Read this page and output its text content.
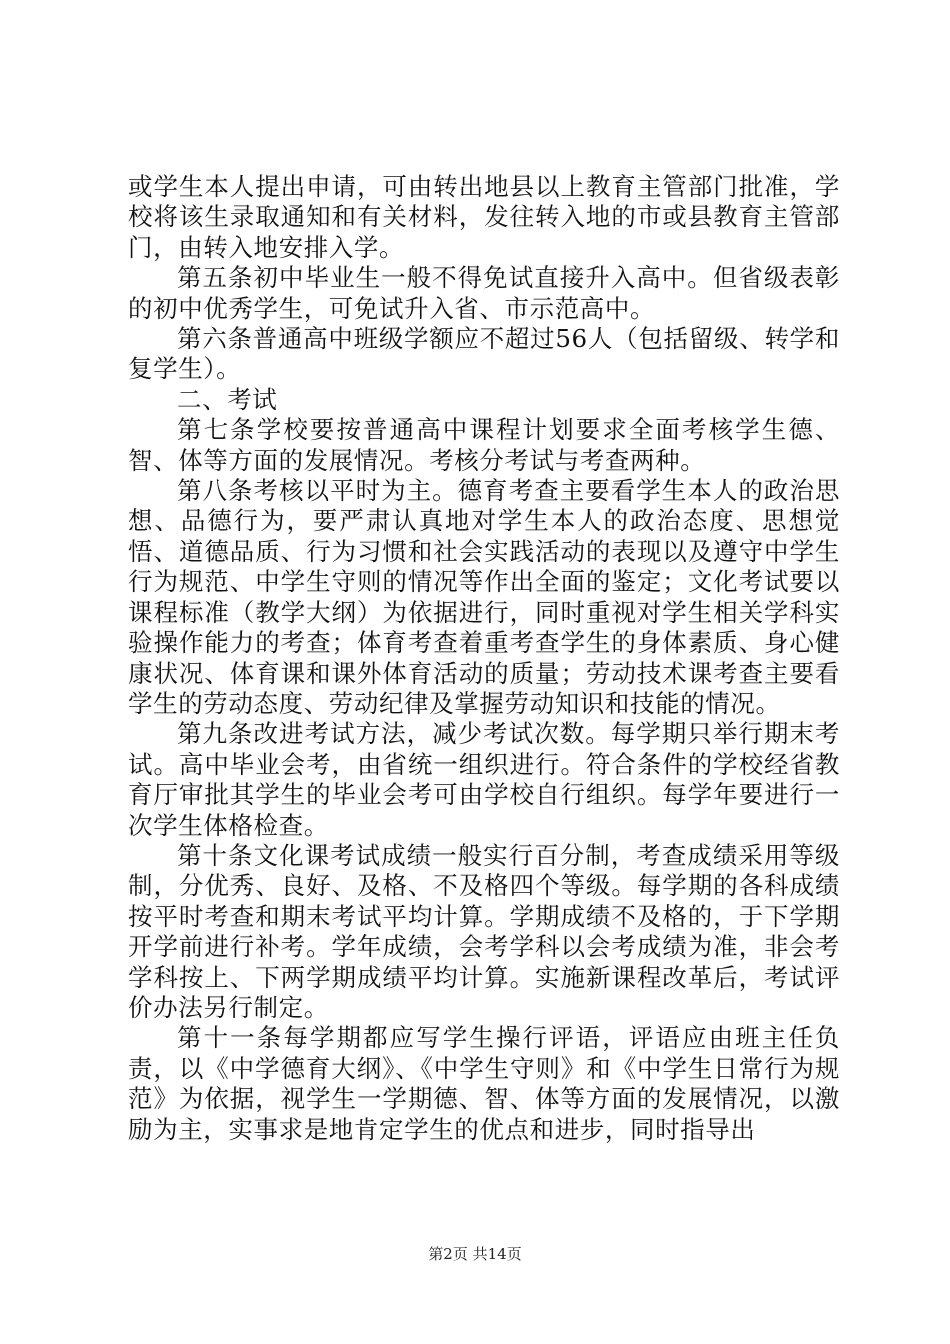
或学生本人提出申请，可由转出地县以上教育主管部门批准，学校将该生录取通知和有关材料，发往转入地的市或县教育主管部门，由转入地安排入学。

第五条初中毕业生一般不得免试直接升入高中。但省级表彰的初中优秀学生，可免试升入省、市示范高中。

第六条普通高中班级学额应不超过56人（包括留级、转学和复学生）。

二、考试

第七条学校要按普通高中课程计划要求全面考核学生德、智、体等方面的发展情况。考核分考试与考查两种。

第八条考核以平时为主。德育考查主要看学生本人的政治思想、品德行为，要严肃认真地对学生本人的政治态度、思想觉悟、道德品质、行为习惯和社会实践活动的表现以及遵守中学生行为规范、中学生守则的情况等作出全面的鉴定；文化考试要以课程标准（教学大纲）为依据进行，同时重视对学生相关学科实验操作能力的考查；体育考查着重考查学生的身体素质、身心健康状况、体育课和课外体育活动的质量；劳动技术课考查主要看学生的劳动态度、劳动纪律及掌握劳动知识和技能的情况。

第九条改进考试方法，减少考试次数。每学期只举行期末考试。高中毕业会考，由省统一组织进行。符合条件的学校经省教育厅审批其学生的毕业会考可由学校自行组织。每学年要进行一次学生体格检查。

第十条文化课考试成绩一般实行百分制，考查成绩采用等级制，分优秀、良好、及格、不及格四个等级。每学期的各科成绩按平时考查和期末考试平均计算。学期成绩不及格的，于下学期开学前进行补考。学年成绩，会考学科以会考成绩为准，非会考学科按上、下两学期成绩平均计算。实施新课程改革后，考试评价办法另行制定。

第十一条每学期都应写学生操行评语，评语应由班主任负责，以《中学德育大纲》、《中学生守则》和《中学生日常行为规范》为依据，视学生一学期德、智、体等方面的发展情况，以激励为主，实事求是地肯定学生的优点和进步，同时指导出

第2页 共14页
